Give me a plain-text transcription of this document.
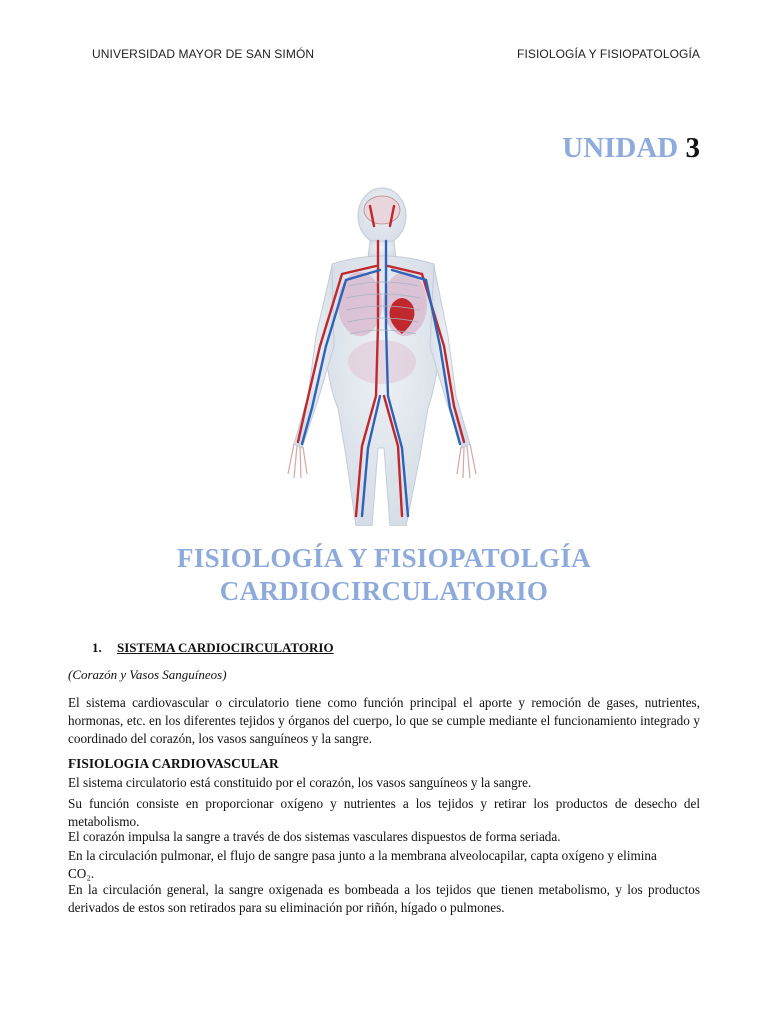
UNIVERSIDAD MAYOR DE SAN SIMÓN	FISIOLOGÍA Y FISIOPATOLOGÍA
UNIDAD 3
FISIOLOGÍA Y FISIOPATOLGÍA
CARDIOCIRCULATORIO
1. SISTEMA CARDIOCIRCULATORIO
(Corazón y Vasos Sanguíneos)

El sistema cardiovascular o circulatorio tiene como función principal el aporte y remoción de gases, nutrientes, hormonas, etc. en los diferentes tejidos y órganos del cuerpo, lo que se cumple mediante el funcionamiento integrado y coordinado del corazón, los vasos sanguíneos y la sangre.

FISIOLOGIA CARDIOVASCULAR

El sistema circulatorio está constituido por el corazón, los vasos sanguíneos y la sangre.

Su función consiste en proporcionar oxígeno y nutrientes a los tejidos y retirar los productos de desecho del metabolismo.

El corazón impulsa la sangre a través de dos sistemas vasculares dispuestos de forma seriada.

En la circulación pulmonar, el flujo de sangre pasa junto a la membrana alveolocapilar, capta oxígeno y elimina
CO₂.

En la circulación general, la sangre oxigenada es bombeada a los tejidos que tienen metabolismo, y los productos derivados de estos son retirados para su eliminación por riñón, hígado o pulmones.
